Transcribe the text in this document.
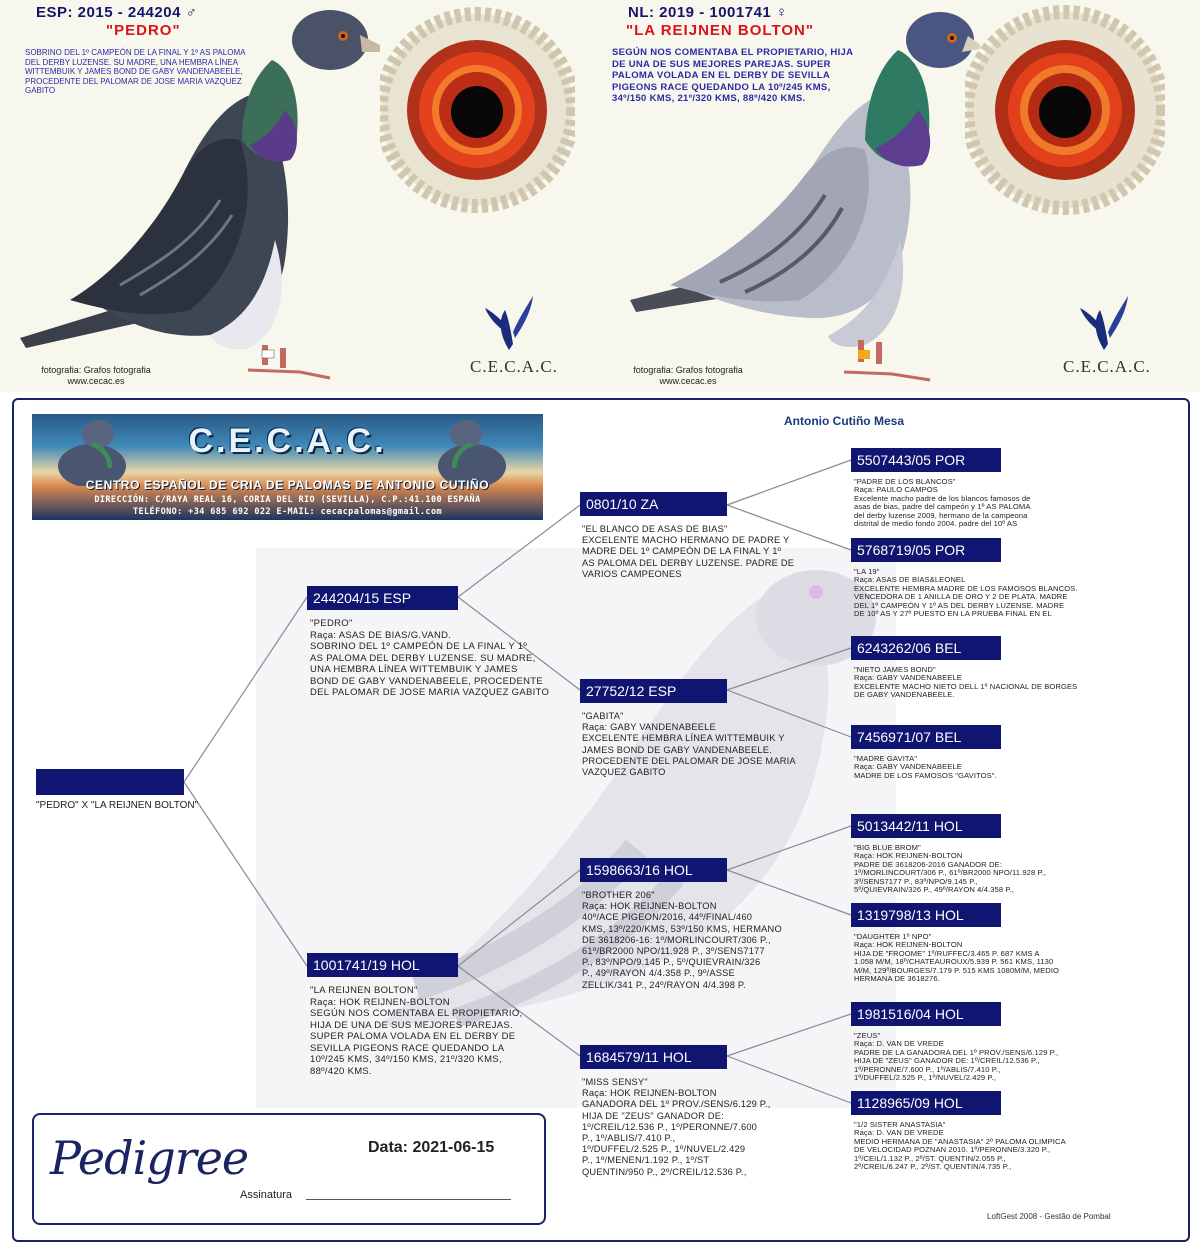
ESP: 2015 - 244204 ♂
"PEDRO"
SOBRINO DEL 1º CAMPEÓN DE LA FINAL Y 1º AS PALOMA DEL DERBY LUZENSE. SU MADRE, UNA HEMBRA LÍNEA WITTEMBUIK Y JAMES BOND DE GABY VANDENABEELE, PROCEDENTE DEL PALOMAR DE JOSE MARIA VAZQUEZ GABITO
fotografia: Grafos fotografia
www.cecac.es
C.E.C.A.C.
NL: 2019 - 1001741 ♀
"LA REIJNEN BOLTON"
SEGÚN NOS COMENTABA EL PROPIETARIO, HIJA DE UNA DE SUS MEJORES PAREJAS. SUPER PALOMA VOLADA EN EL DERBY DE SEVILLA PIGEONS RACE QUEDANDO LA 10º/245 KMS, 34º/150 KMS, 21º/320 KMS, 88º/420 KMS.
fotografia: Grafos fotografia
www.cecac.es
C.E.C.A.C.
C.E.C.A.C.
CENTRO ESPAÑOL DE CRIA DE PALOMAS DE ANTONIO CUTIÑO
DIRECCIÓN: C/RAYA REAL 16, CORIA DEL RIO (SEVILLA), C.P.:41.100 ESPAÑA
TELÉFONO: +34 685 692 022 E-MAIL: cecacpalomas@gmail.com
Antonio Cutiño Mesa
"PEDRO" X "LA REIJNEN BOLTON"
244204/15 ESP
"PEDRO"
Raça: ASAS DE BIAS/G.VAND.
SOBRINO DEL 1º CAMPEÓN DE LA FINAL Y 1º
AS PALOMA DEL DERBY LUZENSE. SU MADRE,
UNA HEMBRA LÍNEA WITTEMBUIK Y JAMES
BOND DE GABY VANDENABEELE, PROCEDENTE
DEL PALOMAR DE JOSE MARIA VAZQUEZ GABITO
1001741/19 HOL
"LA REIJNEN BOLTON"
Raça: HOK REIJNEN-BOLTON
SEGÚN NOS COMENTABA EL PROPIETARIO,
HIJA DE UNA DE SUS MEJORES PAREJAS.
SUPER PALOMA VOLADA EN EL DERBY DE
SEVILLA PIGEONS RACE QUEDANDO LA
10º/245 KMS, 34º/150 KMS, 21º/320 KMS,
88º/420 KMS.
0801/10 ZA
"EL BLANCO DE ASAS DE BIAS"
EXCELENTE MACHO HERMANO DE PADRE Y
MADRE DEL 1º CAMPEÓN DE LA FINAL Y 1º
AS PALOMA DEL DERBY LUZENSE. PADRE DE
VARIOS CAMPEONES
27752/12 ESP
"GABITA"
Raça: GABY VANDENABEELE
EXCELENTE HEMBRA LÍNEA WITTEMBUIK Y
JAMES BOND DE GABY VANDENABEELE.
PROCEDENTE DEL PALOMAR DE JOSE MARIA
VAZQUEZ GABITO
1598663/16 HOL
"BROTHER 206"
Raça: HOK REIJNEN-BOLTON
40º/ACE PIGEON/2016, 44º/FINAL/460
KMS, 13º/220/KMS, 53º/150 KMS, HERMANO
DE 3618206-16: 1º/MORLINCOURT/306 P.,
61º/BR2000 NPO/11.928 P., 3º/SENS7177
P., 83º/NPO/9.145 P., 5º/QUIEVRAIN/326
P., 49º/RAYON 4/4.358 P., 9º/ASSE
ZELLIK/341 P., 24º/RAYON 4/4.398 P.
1684579/11 HOL
"MISS SENSY"
Raça: HOK REIJNEN-BOLTON
GANADORA DEL 1º PROV./SENS/6.129 P.,
HIJA DE "ZEUS" GANADOR DE:
1º/CREIL/12.536 P., 1º/PERONNE/7.600
P., 1º/ABLIS/7.410 P.,
1º/DUFFEL/2.525 P., 1º/NUVEL/2.429
P., 1º/MENEN/1.192 P., 1º/ST
QUENTIN/950 P., 2º/CREIL/12.536 P.,
5507443/05 POR
"PADRE DE LOS BLANCOS"
Raça: PAULO CAMPOS
Excelente macho padre de los blancos famosos de
asas de bias, padre del campeón y 1º AS PALOMA
del derby luzense 2009, hermano de la campeona
distrital de medio fondo 2004. padre del 10º AS
5768719/05 POR
"LA 19"
Raça: ASAS DE BIAS&LEONEL
EXCELENTE HEMBRA MADRE DE LOS FAMOSOS BLANCOS.
VENCEDORA DE 1 ANILLA DE ORO Y 2 DE PLATA. MADRE
DEL 1º CAMPEÓN Y 1º AS DEL DERBY LUZENSE. MADRE
DE 10º AS Y 27º PUESTO EN LA PRUEBA FINAL EN EL
6243262/06 BEL
"NIETO JAMES BOND"
Raça: GABY VANDENABEELE
EXCELENTE MACHO NIETO DELL 1º NACIONAL DE BORGES
DE GABY VANDENABEELE.
7456971/07 BEL
"MADRE GAVITA"
Raça: GABY VANDENABEELE
MADRE DE LOS FAMOSOS "GAVITOS".
5013442/11 HOL
"BIG BLUE BROM"
Raça: HOK REIJNEN-BOLTON
PADRE DE 3618206-2016 GANADOR DE:
1º/MORLINCOURT/306 P., 61º/BR2000 NPO/11.928 P.,
3º/SENS7177 P., 83º/NPO/9.145 P.,
5º/QUIEVRAIN/326 P., 49º/RAYON 4/4.358 P.,
1319798/13 HOL
"DAUGHTER 1º NPO"
Raça: HOK REIJNEN-BOLTON
HIJA DE "FROOME" 1º/RUFFEC/3.465 P. 687 KMS A
1.058 M/M, 18º/CHATEAUROUX/5.939 P. 561 KMS, 1130
M/M, 129º/BOURGES/7.179 P. 515 KMS 1080M/M, MEDIO
HERMANA DE 3618276.
1981516/04 HOL
"ZEUS"
Raça: D. VAN DE VREDE
PADRE DE LA GANADORA DEL 1º PROV./SENS/6.129 P.,
HIJA DE "ZEUS" GANADOR DE: 1º/CREIL/12.536 P.,
1º/PERONNE/7.600 P., 1º/ABLIS/7.410 P.,
1º/DUFFEL/2.525 P., 1º/NUVEL/2.429 P.,
1128965/09 HOL
"1/2 SISTER ANASTASIA"
Raça: D. VAN DE VREDE
MEDIO HERMANA DE "ANASTASIA" 2º PALOMA OLIMPICA
DE VELOCIDAD POZNAN 2010. 1º/PERONNE/3.320 P.,
1º/CEIL/1.132 P., 2º/ST. QUENTIN/2.055 P.,
2º/CREIL/6.247 P., 2º/ST. QUENTIN/4.735 P.,
Pedigree	Data: 2021-06-15
Assinatura
LoftGest 2008 - Gestão de Pombal
